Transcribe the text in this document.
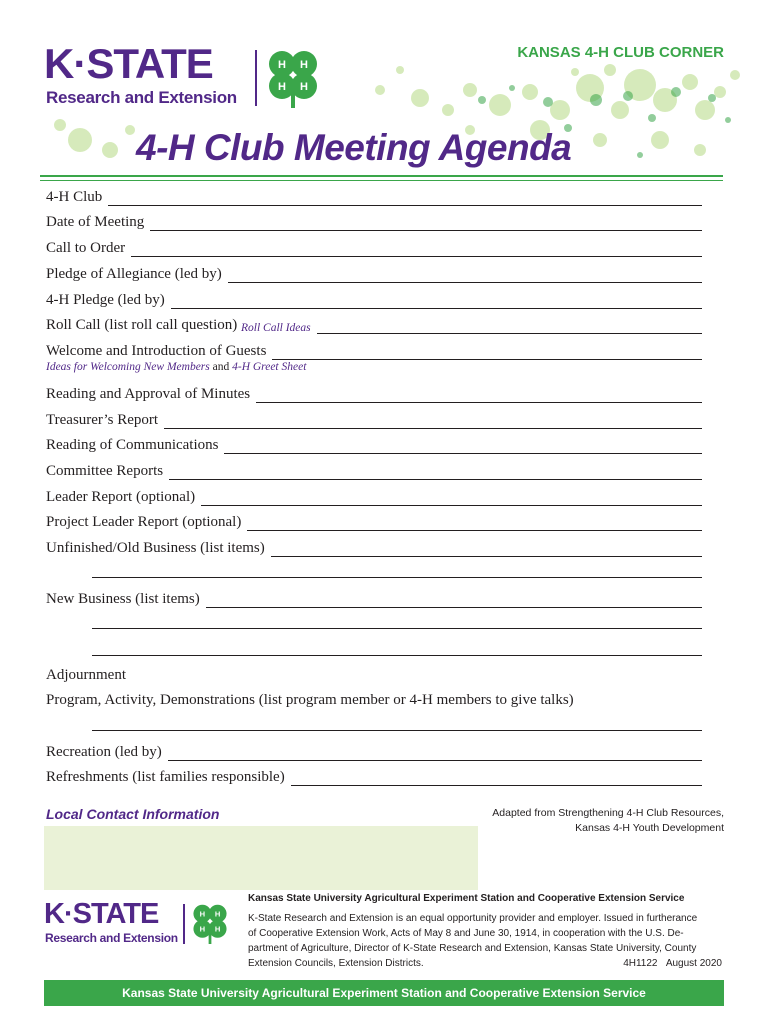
K·STATE
Research and Extension
H H
H H
KANSAS 4-H CLUB CORNER
4-H Club Meeting Agenda
4-H Club
Date of Meeting
Call to Order
Pledge of Allegiance (led by)
4-H Pledge (led by)
Roll Call (list roll call question)
Roll Call Ideas
Welcome and Introduction of Guests
Ideas for Welcoming New Members and 4-H Greet Sheet
Reading and Approval of Minutes
Treasurer’s Report
Reading of Communications
Committee Reports
Leader Report (optional)
Project Leader Report (optional)
Unfinished/Old Business (list items)
New Business (list items)
Adjournment
Program, Activity, Demonstrations (list program member or 4-H members to give talks)
Recreation (led by)
Refreshments (list families responsible)
Local Contact Information	Adapted from Strengthening 4-H Club Resources,
Kansas 4-H Youth Development
K·STATE
Research and Extension
H H
H H
Kansas State University Agricultural Experiment Station and Cooperative Extension Service
K-State Research and Extension is an equal opportunity provider and employer. Issued in furtherance
of Cooperative Extension Work, Acts of May 8 and June 30, 1914, in cooperation with the U.S. De-
partment of Agriculture, Director of K-State Research and Extension, Kansas State University, County
Extension Councils, Extension Districts.	4H1122 August 2020
Kansas State University Agricultural Experiment Station and Cooperative Extension Service
